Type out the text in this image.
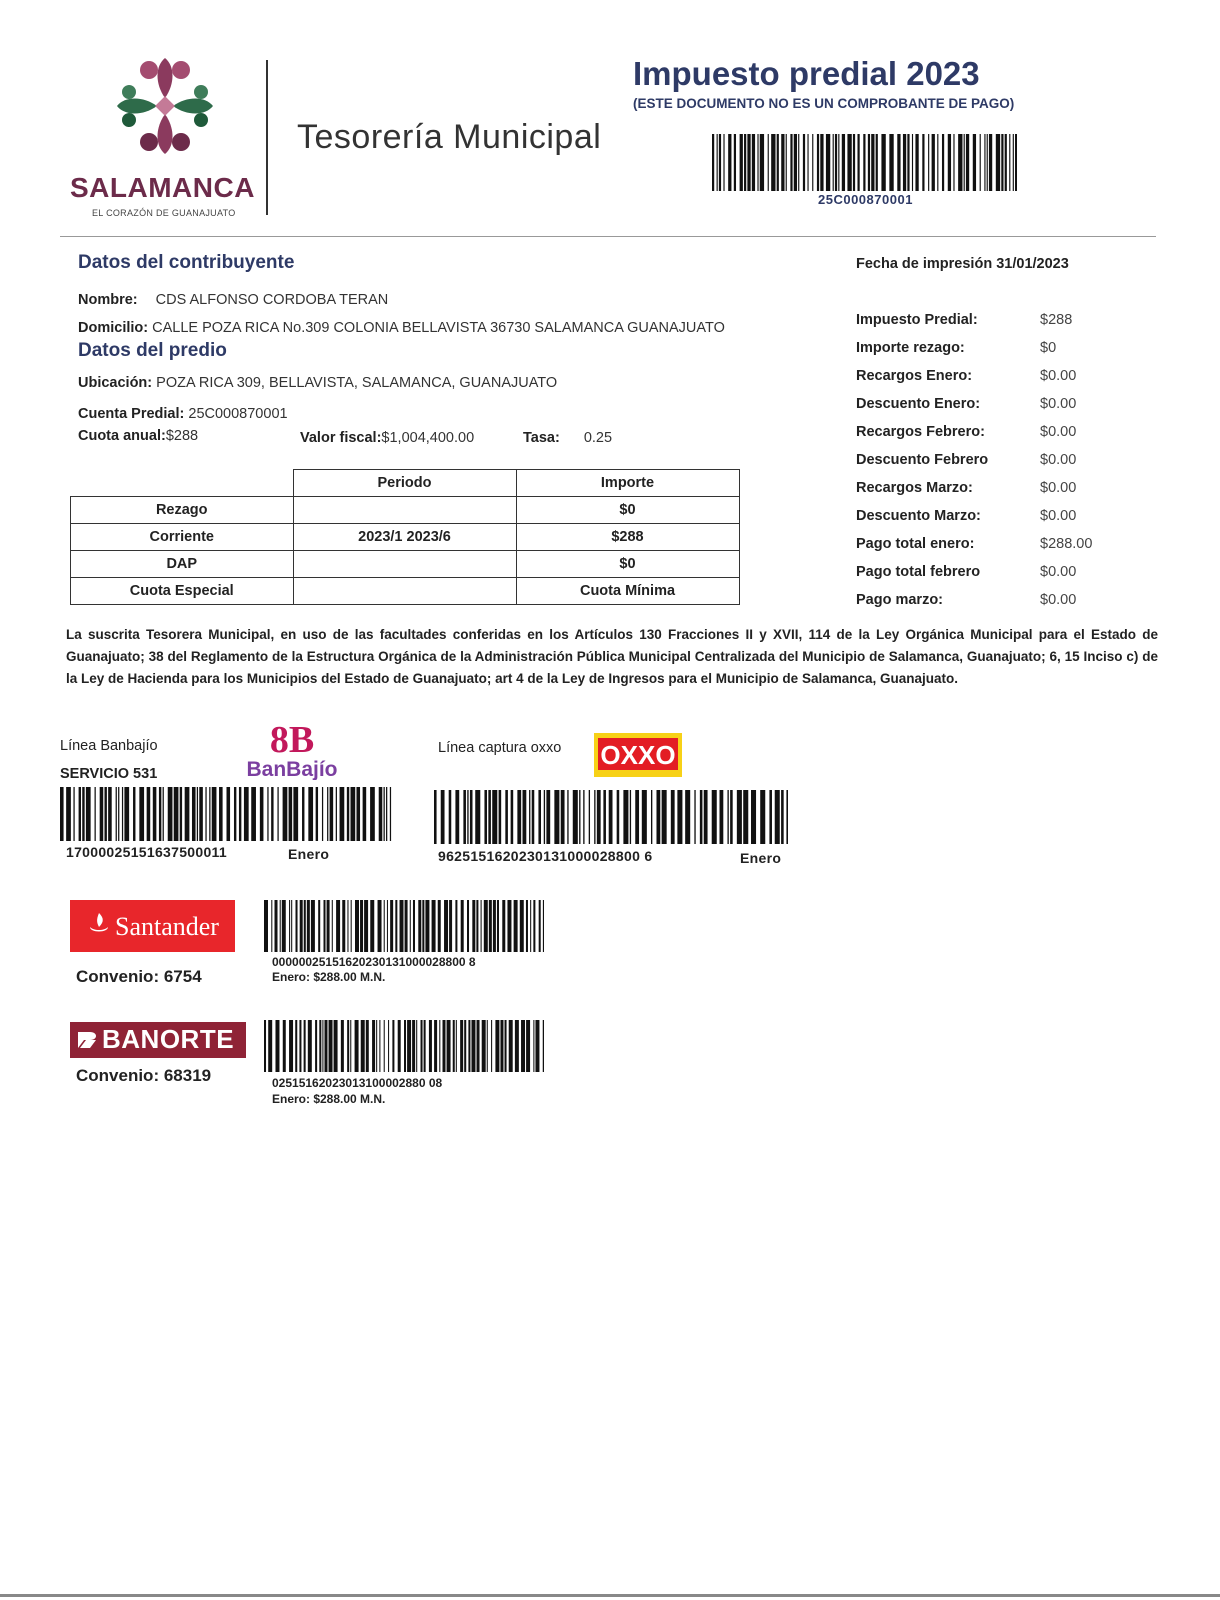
SALAMANCA
EL CORAZÓN DE GUANAJUATO
Tesorería Municipal
Impuesto predial 2023
(ESTE DOCUMENTO NO ES UN COMPROBANTE DE PAGO)
25C000870001
Datos del contribuyente
Nombre: CDS ALFONSO CORDOBA TERAN
Domicilio: CALLE POZA RICA No.309 COLONIA BELLAVISTA 36730 SALAMANCA GUANAJUATO
Datos del predio
Ubicación: POZA RICA 309, BELLAVISTA, SALAMANCA, GUANAJUATO
Cuenta Predial: 25C000870001
Cuota anual:$288	Valor fiscal:$1,004,400.00	Tasa: 0.25
	Periodo	Importe
Rezago		$0
Corriente	2023/1 2023/6	$288
DAP		$0
Cuota Especial		Cuota Mínima
Fecha de impresión 31/01/2023
Impuesto Predial:	$288
Importe rezago:	$0
Recargos Enero:	$0.00
Descuento Enero:	$0.00
Recargos Febrero:	$0.00
Descuento Febrero	$0.00
Recargos Marzo:	$0.00
Descuento Marzo:	$0.00
Pago total enero:	$288.00
Pago total febrero	$0.00
Pago marzo:	$0.00
La suscrita Tesorera Municipal, en uso de las facultades conferidas en los Artículos 130 Fracciones II y XVII, 114 de la Ley Orgánica Municipal para el Estado de Guanajuato; 38 del Reglamento de la Estructura Orgánica de la Administración Pública Municipal Centralizada del Municipio de Salamanca, Guanajuato; 6, 15 Inciso c) de la Ley de Hacienda para los Municipios del Estado de Guanajuato; art 4 de la Ley de Ingresos para el Municipio de Salamanca, Guanajuato.
Línea Banbajío
SERVICIO 531
8B
BanBajío
17000025151637500011	Enero
Línea captura oxxo OXXO
9625151620230131000028800 6	Enero
Santander
Convenio: 6754
00000025151620230131000028800 8
Enero: $288.00 M.N.
BANORTE
Convenio: 68319	02515162023013100002880 08
Enero: $288.00 M.N.
